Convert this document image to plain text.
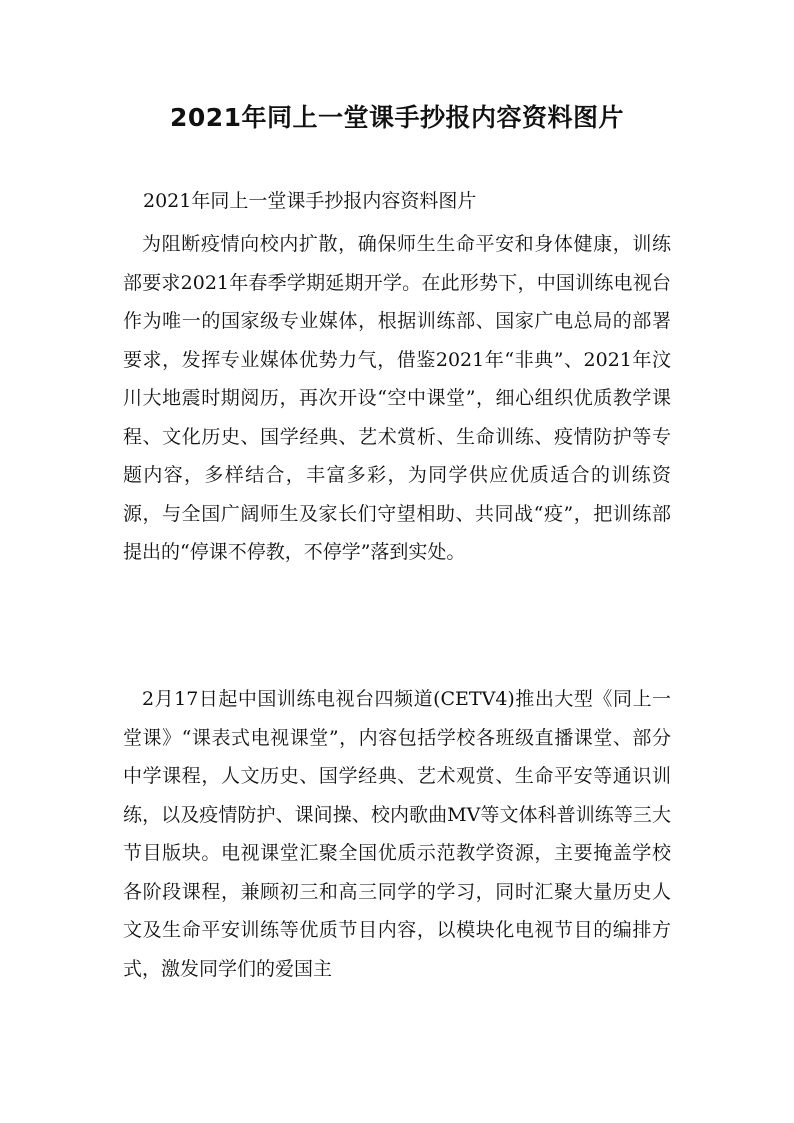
2021年同上一堂课手抄报内容资料图片
2021年同上一堂课手抄报内容资料图片

为阻断疫情向校内扩散，确保师生生命平安和身体健康，训练部要求2021年春季学期延期开学。在此形势下，中国训练电视台作为唯一的国家级专业媒体，根据训练部、国家广电总局的部署要求，发挥专业媒体优势力气，借鉴2021年“非典”、2021年汶川大地震时期阅历，再次开设“空中课堂”，细心组织优质教学课程、文化历史、国学经典、艺术赏析、生命训练、疫情防护等专题内容，多样结合，丰富多彩，为同学供应优质适合的训练资源，与全国广阔师生及家长们守望相助、共同战“疫”，把训练部提出的“停课不停教，不停学”落到实处。

2月17日起中国训练电视台四频道(CETV4)推出大型《同上一堂课》“课表式电视课堂”，内容包括学校各班级直播课堂、部分中学课程，人文历史、国学经典、艺术观赏、生命平安等通识训练，以及疫情防护、课间操、校内歌曲MV等文体科普训练等三大节目版块。电视课堂汇聚全国优质示范教学资源，主要掩盖学校各阶段课程，兼顾初三和高三同学的学习，同时汇聚大量历史人文及生命平安训练等优质节目内容，以模块化电视节目的编排方式，激发同学们的爱国主
